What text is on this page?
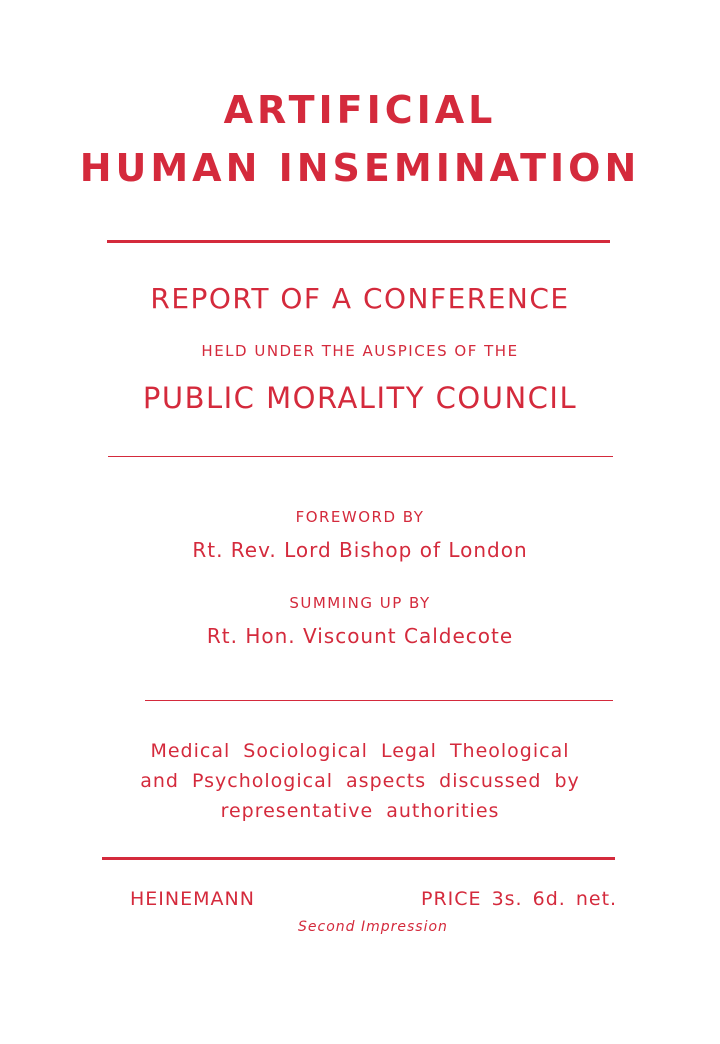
ARTIFICIAL
HUMAN INSEMINATION
REPORT OF A CONFERENCE
HELD UNDER THE AUSPICES OF THE
PUBLIC MORALITY COUNCIL
FOREWORD BY
Rt. Rev. Lord Bishop of London
SUMMING UP BY
Rt. Hon. Viscount Caldecote
Medical Sociological Legal Theological
and Psychological aspects discussed by
representative authorities
HEINEMANN	PRICE 3s. 6d. net.
Second Impression
